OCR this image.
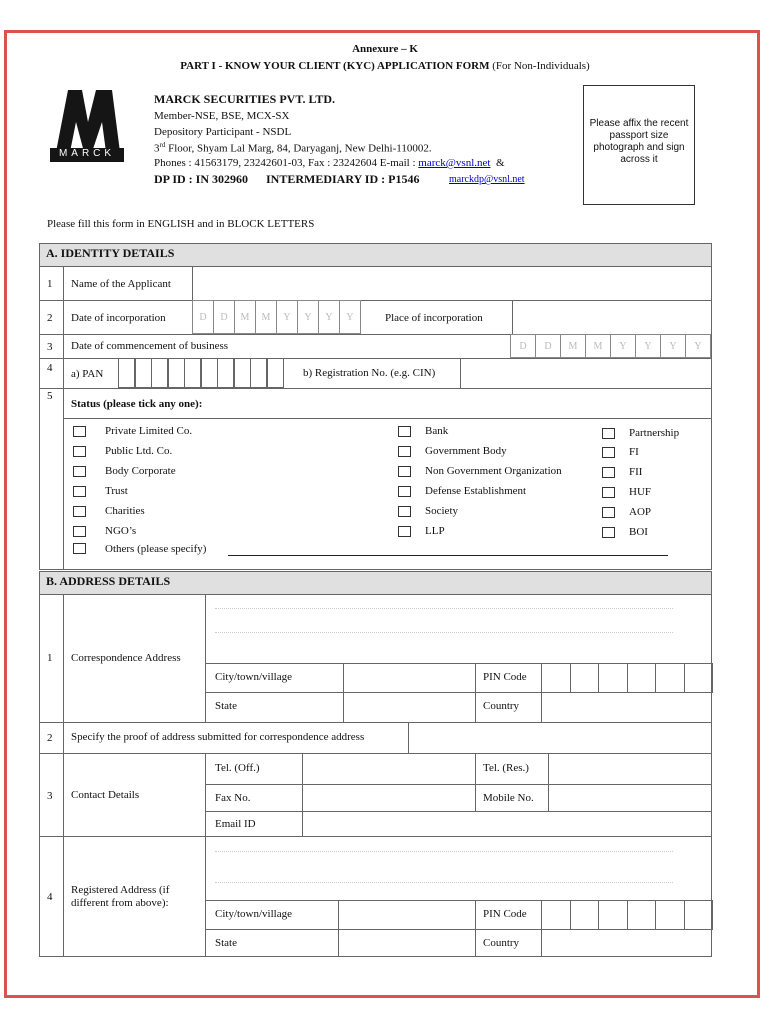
Annexure – K
PART I - KNOW YOUR CLIENT (KYC) APPLICATION FORM (For Non-Individuals)
MARCK
MARCK SECURITIES PVT. LTD.
Member-NSE, BSE, MCX-SX
Depository Participant - NSDL
3rd Floor, Shyam Lal Marg, 84, Daryaganj, New Delhi-110002.
Phones : 41563179, 23242601-03, Fax : 23242604 E-mail : marck@vsnl.net &
DP ID : IN 302960 INTERMEDIARY ID : P1546	marckdp@vsnl.net
Please affix the recent passport size photograph and sign across it
Please fill this form in ENGLISH and in BLOCK LETTERS
A. IDENTITY DETAILS
1 Name of the Applicant
2 Date of incorporation	D	D	M	M	Y	Y	Y	Y	Place of incorporation
3 Date of commencement of business	D	D	M	M	Y	Y	Y	Y
4 a) PAN	b) Registration No. (e.g. CIN)
5
Status (please tick any one):
Private Limited Co.
Public Ltd. Co.
Body Corporate
Trust
Charities
NGO’s
Bank
Government Body
Non Government Organization
Defense Establishment
Society
LLP
Partnership
FI
FII
HUF
AOP
BOI
Others (please specify)
B. ADDRESS DETAILS
1 Correspondence Address
City/town/village	PIN Code
State	Country
2 Specify the proof of address submitted for correspondence address
3 Contact Details
Tel. (Off.)	Tel. (Res.)
Fax No.	Mobile No.
Email ID
4
Registered Address (if different from above):
City/town/village	PIN Code
State	Country
